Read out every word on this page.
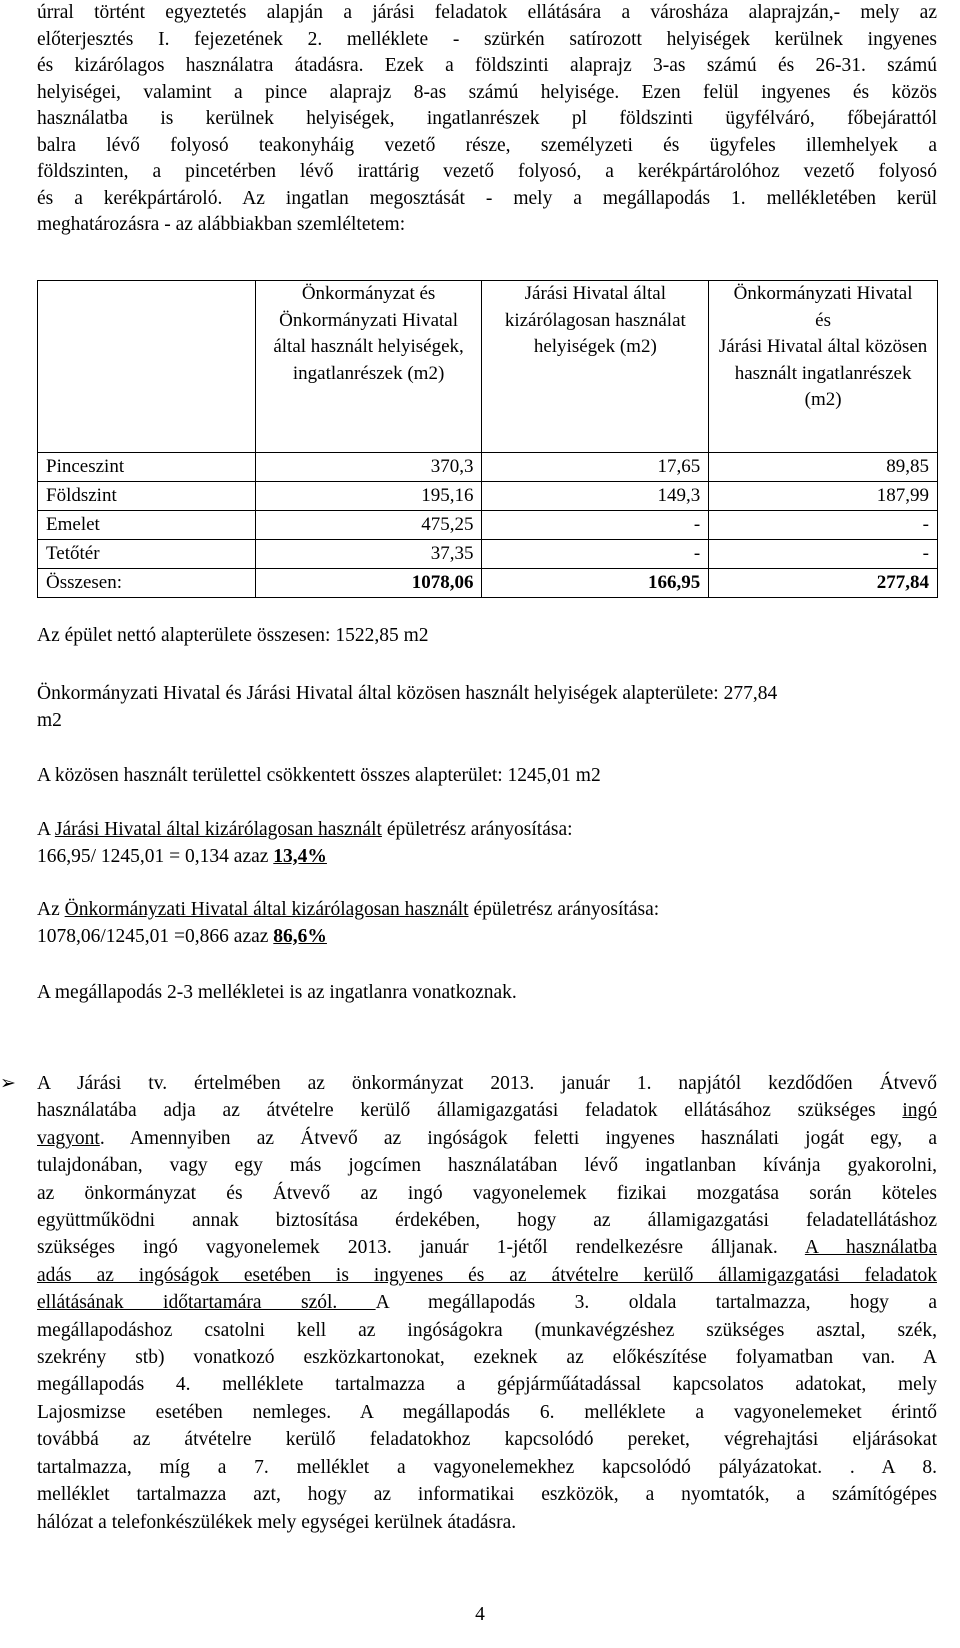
úrral történt egyeztetés alapján a járási feladatok ellátására a városháza alaprajzán,- mely az

előterjesztés I. fejezetének 2. melléklete - szürkén satírozott helyiségek kerülnek ingyenes

és kizárólagos használatra átadásra. Ezek a földszinti alaprajz 3-as számú és 26-31. számú

helyiségei, valamint a pince alaprajz 8-as számú helyisége. Ezen felül ingyenes és közös

használatba is kerülnek helyiségek, ingatlanrészek pl földszinti ügyfélváró, főbejárattól

balra lévő folyosó teakonyháig vezető része, személyzeti és ügyfeles illemhelyek a

földszinten, a pincetérben lévő irattárig vezető folyosó, a kerékpártárolóhoz vezető folyosó

és a kerékpártároló. Az ingatlan megosztását - mely a megállapodás 1. mellékletében kerül

meghatározásra - az alábbiakban szemléltetem:

	Önkormányzat és Önkormányzati Hivatal által használt helyiségek, ingatlanrészek (m2)	Járási Hivatal által kizárólagosan használat helyiségek (m2)	Önkormányzati Hivatal
és
Járási Hivatal által közösen használt ingatlanrészek (m2)

Pinceszint	370,3	17,65	89,85
Földszint	195,16	149,3	187,99
Emelet	475,25	-	-
Tetőtér	37,35	-	-
Összesen:	1078,06	166,95	277,84
Az épület nettó alapterülete összesen: 1522,85 m2

Önkormányzati Hivatal és Járási Hivatal által közösen használt helyiségek alapterülete: 277,84

m2

A közösen használt területtel csökkentett összes alapterület: 1245,01 m2

A Járási Hivatal által kizárólagosan használt épületrész arányosítása:

166,95/ 1245,01 = 0,134 azaz 13,4%

Az Önkormányzati Hivatal által kizárólagosan használt épületrész arányosítása:

1078,06/1245,01 =0,866 azaz 86,6%

A megállapodás 2-3 mellékletei is az ingatlanra vonatkoznak.
➢ A Járási tv. értelmében az önkormányzat 2013. január 1. napjától kezdődően Átvevő

használatába adja az átvételre kerülő államigazgatási feladatok ellátásához szükséges ingó

vagyont. Amennyiben az Átvevő az ingóságok feletti ingyenes használati jogát egy, a

tulajdonában, vagy egy más jogcímen használatában lévő ingatlanban kívánja gyakorolni,

az önkormányzat és Átvevő az ingó vagyonelemek fizikai mozgatása során köteles

együttműködni annak biztosítása érdekében, hogy az államigazgatási feladatellátáshoz

szükséges ingó vagyonelemek 2013. január 1-jétől rendelkezésre álljanak. A használatba

adás az ingóságok esetében is ingyenes és az átvételre kerülő államigazgatási feladatok

ellátásának időtartamára szól. A megállapodás 3. oldala tartalmazza, hogy a

megállapodáshoz csatolni kell az ingóságokra (munkavégzéshez szükséges asztal, szék,

szekrény stb) vonatkozó eszközkartonokat, ezeknek az előkészítése folyamatban van. A

megállapodás 4. melléklete tartalmazza a gépjárműátadással kapcsolatos adatokat, mely

Lajosmizse esetében nemleges. A megállapodás 6. melléklete a vagyonelemeket érintő

továbbá az átvételre kerülő feladatokhoz kapcsolódó pereket, végrehajtási eljárásokat

tartalmazza, míg a 7. melléklet a vagyonelemekhez kapcsolódó pályázatokat. . A 8.

melléklet tartalmazza azt, hogy az informatikai eszközök, a nyomtatók, a számítógépes

hálózat a telefonkészülékek mely egységei kerülnek átadásra.

4
